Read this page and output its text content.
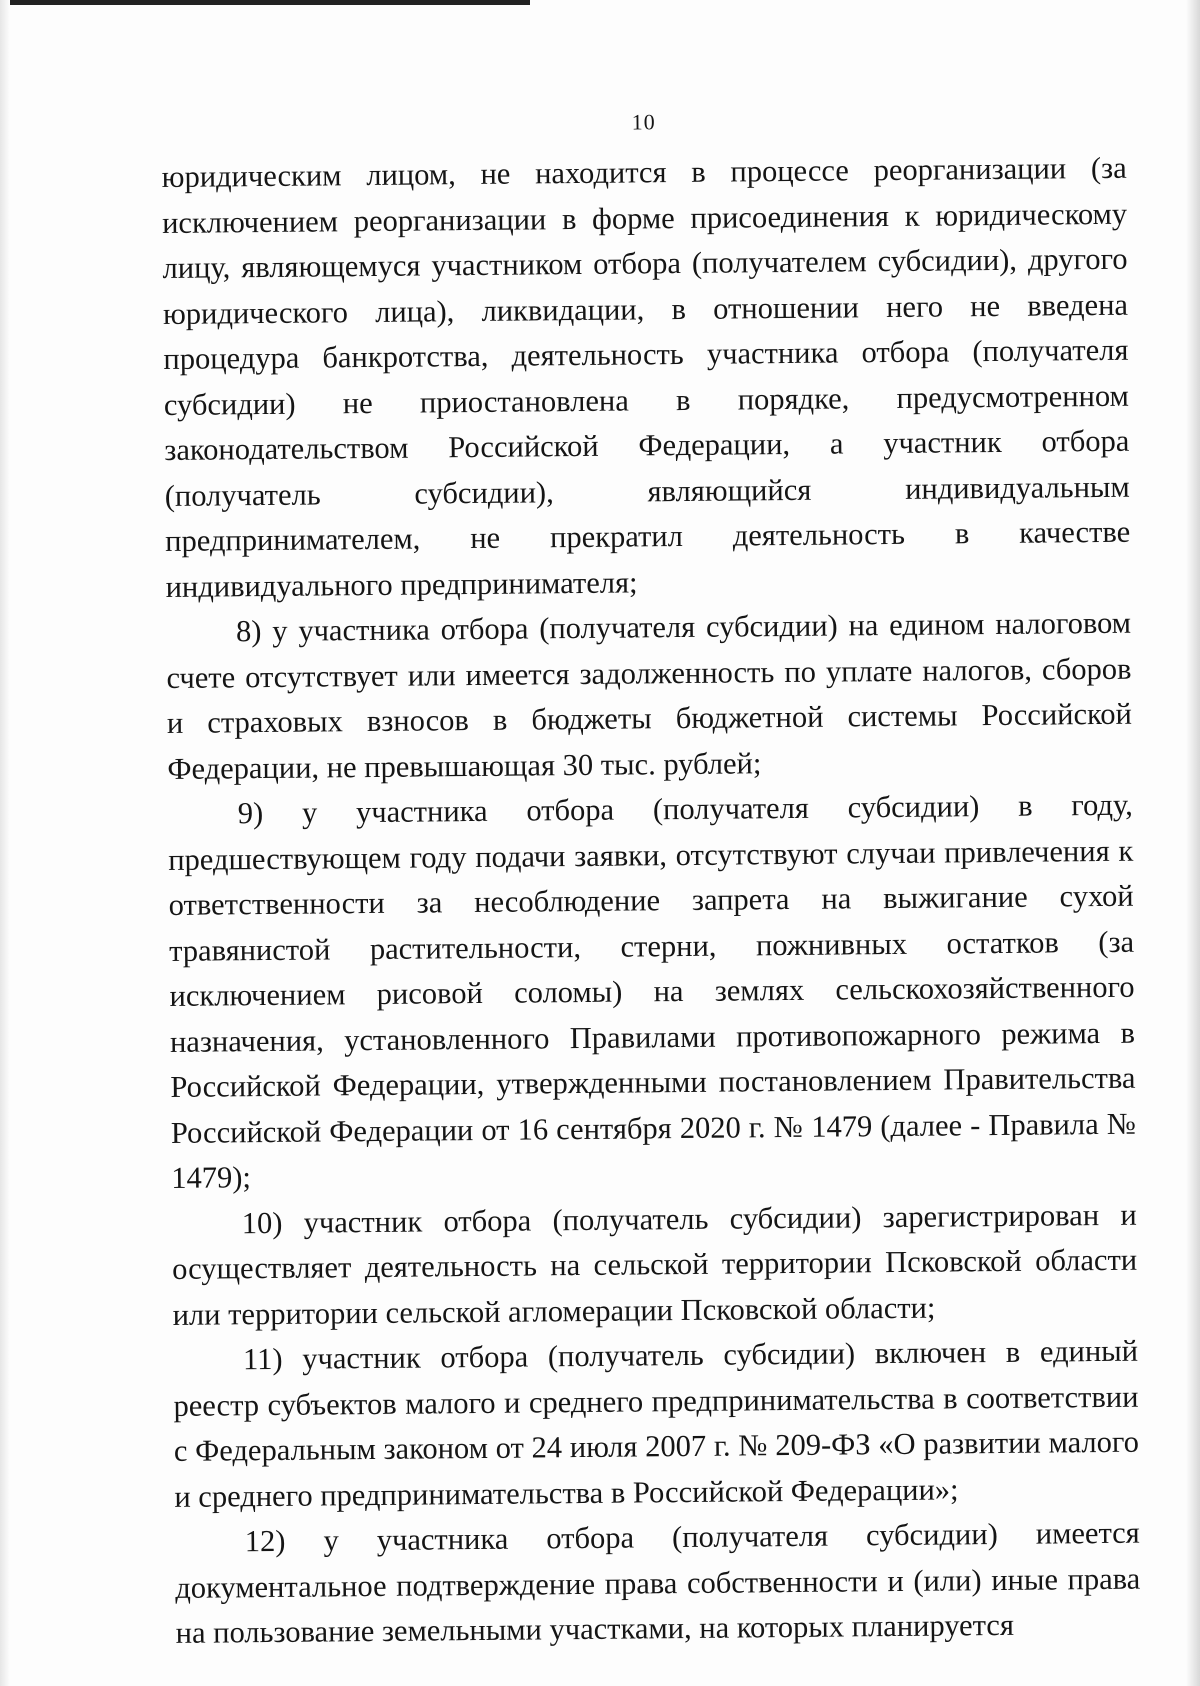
10

юридическим лицом, не находится в процессе реорганизации (за исключением реорганизации в форме присоединения к юридическому лицу, являющемуся участником отбора (получателем субсидии), другого юридического лица), ликвидации, в отношении него не введена процедура банкротства, деятельность участника отбора (получателя субсидии) не приостановлена в порядке, предусмотренном законодательством Российской Федерации, а участник отбора (получатель субсидии), являющийся индивидуальным предпринимателем, не прекратил деятельность в качестве индивидуального предпринимателя;

8) у участника отбора (получателя субсидии) на едином налоговом счете отсутствует или имеется задолженность по уплате налогов, сборов и страховых взносов в бюджеты бюджетной системы Российской Федерации, не превышающая 30 тыс. рублей;

9) у участника отбора (получателя субсидии) в году, предшествующем году подачи заявки, отсутствуют случаи привлечения к ответственности за несоблюдение запрета на выжигание сухой травянистой растительности, стерни, пожнивных остатков (за исключением рисовой соломы) на землях сельскохозяйственного назначения, установленного Правилами противопожарного режима в Российской Федерации, утвержденными постановлением Правительства Российской Федерации от 16 сентября 2020 г. № 1479 (далее - Правила № 1479);

10) участник отбора (получатель субсидии) зарегистрирован и осуществляет деятельность на сельской территории Псковской области или территории сельской агломерации Псковской области;

11) участник отбора (получатель субсидии) включен в единый реестр субъектов малого и среднего предпринимательства в соответствии с Федеральным законом от 24 июля 2007 г. № 209-ФЗ «О развитии малого и среднего предпринимательства в Российской Федерации»;

12) у участника отбора (получателя субсидии) имеется документальное подтверждение права собственности и (или) иные права на пользование земельными участками, на которых планируется
